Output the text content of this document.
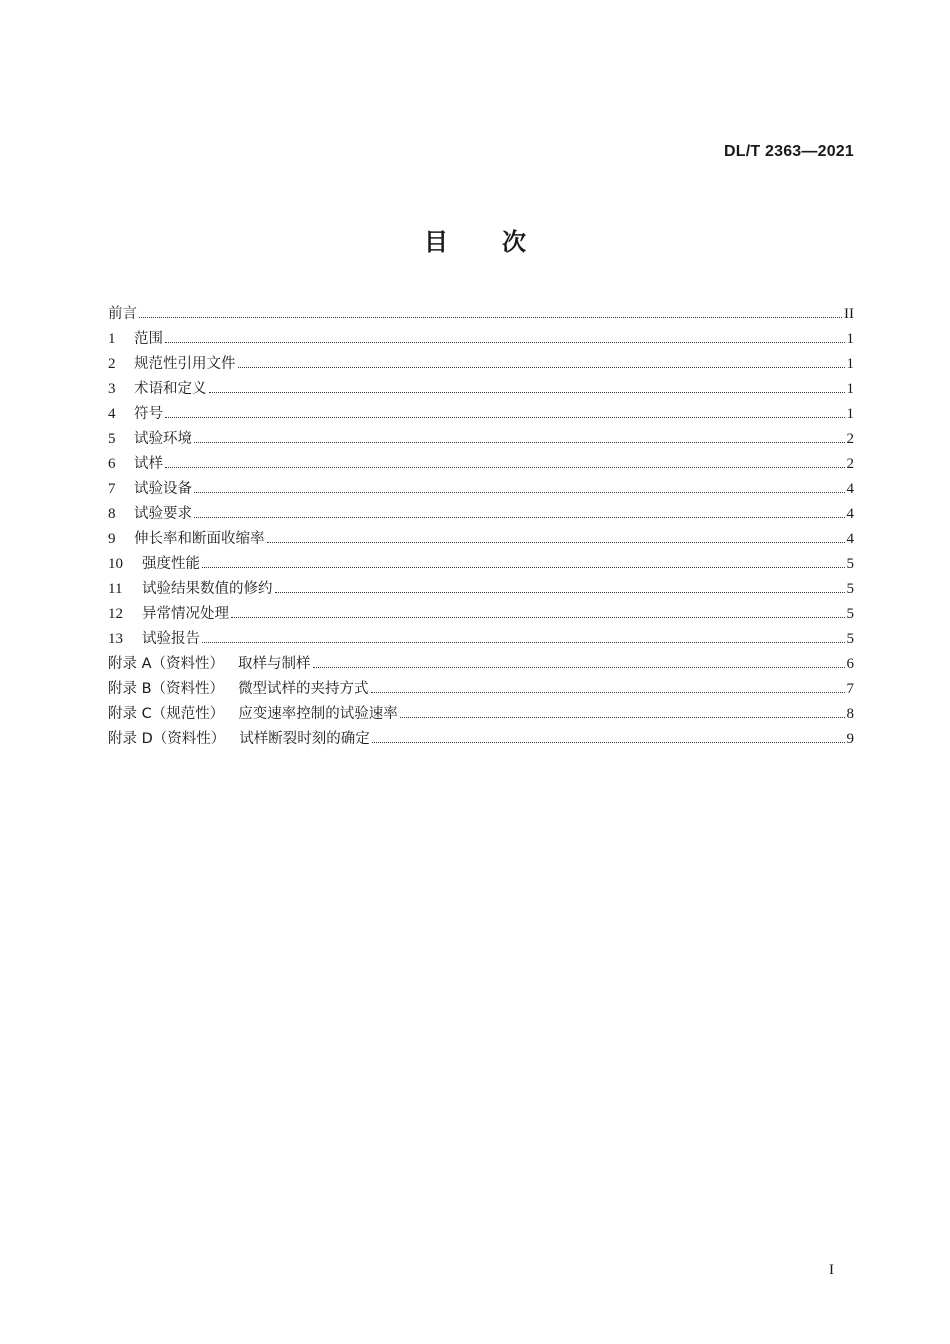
DL/T 2363—2021
目 次
前言	II
1	范围	1
2	规范性引用文件	1
3	术语和定义	1
4	符号	1
5	试验环境	2
6	试样	2
7	试验设备	4
8	试验要求	4
9	伸长率和断面收缩率	4
10	强度性能	5
11	试验结果数值的修约	5
12	异常情况处理	5
13	试验报告	5
附录 A（资料性） 取样与制样	6
附录 B（资料性） 微型试样的夹持方式	7
附录 C（规范性） 应变速率控制的试验速率	8
附录 D（资料性） 试样断裂时刻的确定	9
I
